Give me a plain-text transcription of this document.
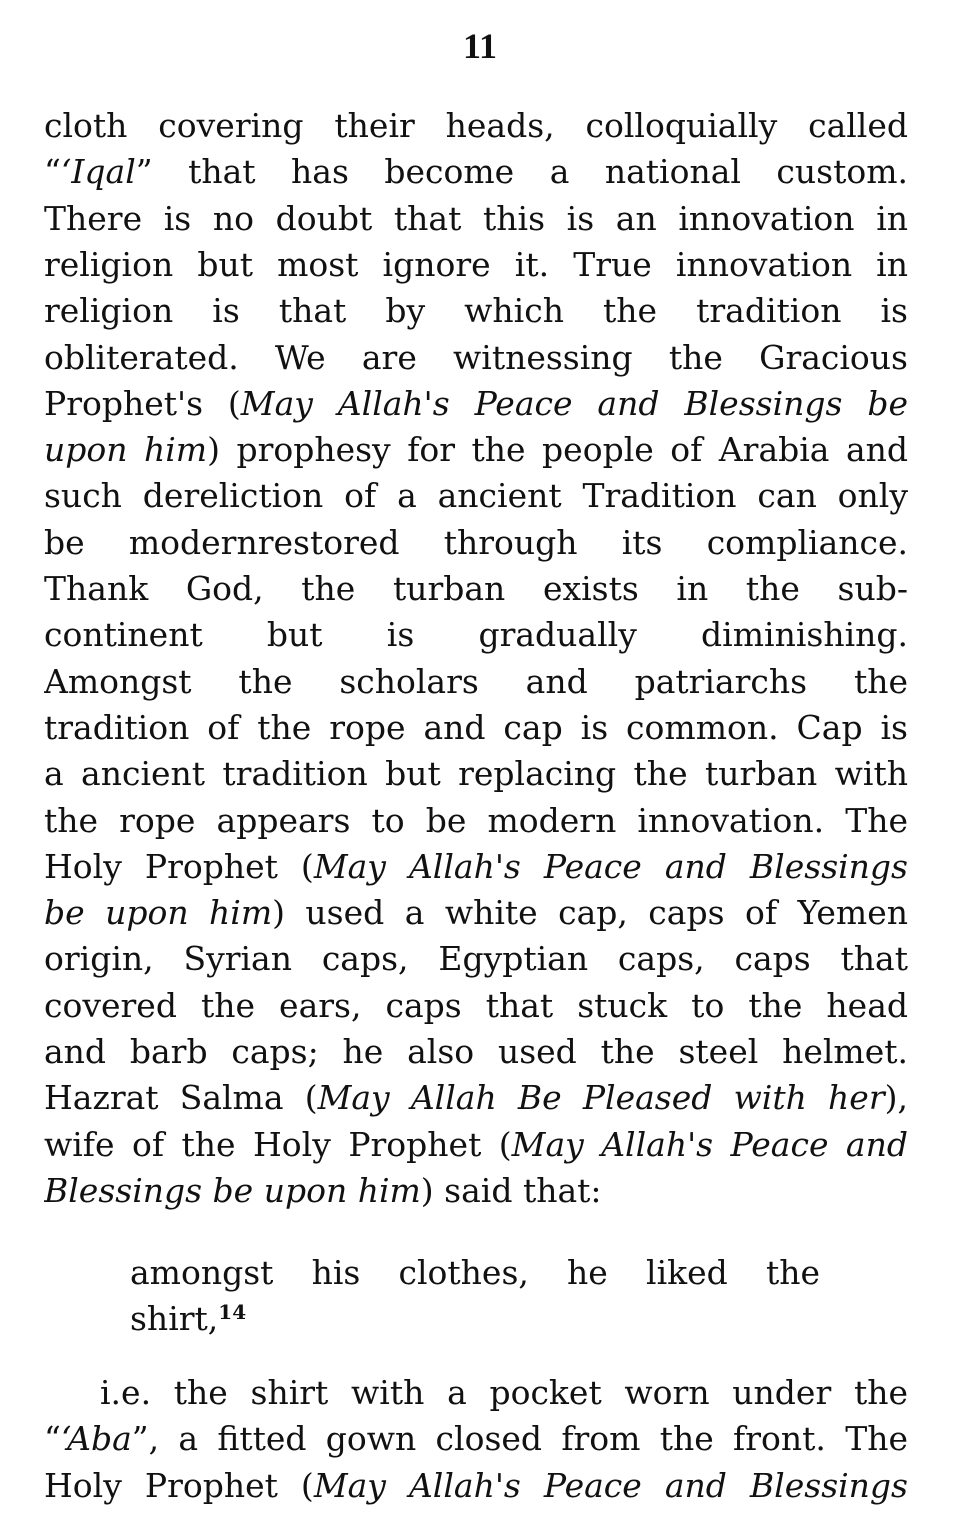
11
cloth covering their heads, colloquially called
“‘Iqal” that has become a national custom.
There is no doubt that this is an innovation in
religion but most ignore it. True innovation in
religion is that by which the tradition is
obliterated. We are witnessing the Gracious
Prophet's (May Allah's Peace and Blessings be
upon him) prophesy for the people of Arabia and
such dereliction of a ancient Tradition can only
be modernrestored through its compliance.
Thank God, the turban exists in the sub-
continent but is gradually diminishing.
Amongst the scholars and patriarchs the
tradition of the rope and cap is common. Cap is
a ancient tradition but replacing the turban with
the rope appears to be modern innovation. The
Holy Prophet (May Allah's Peace and Blessings
be upon him) used a white cap, caps of Yemen
origin, Syrian caps, Egyptian caps, caps that
covered the ears, caps that stuck to the head
and barb caps; he also used the steel helmet.
Hazrat Salma (May Allah Be Pleased with her),
wife of the Holy Prophet (May Allah's Peace and
Blessings be upon him) said that:
amongst his clothes, he liked the
shirt,$^{14}$
i.e. the shirt with a pocket worn under the
“‘Aba”, a fitted gown closed from the front. The
Holy Prophet (May Allah's Peace and Blessings
